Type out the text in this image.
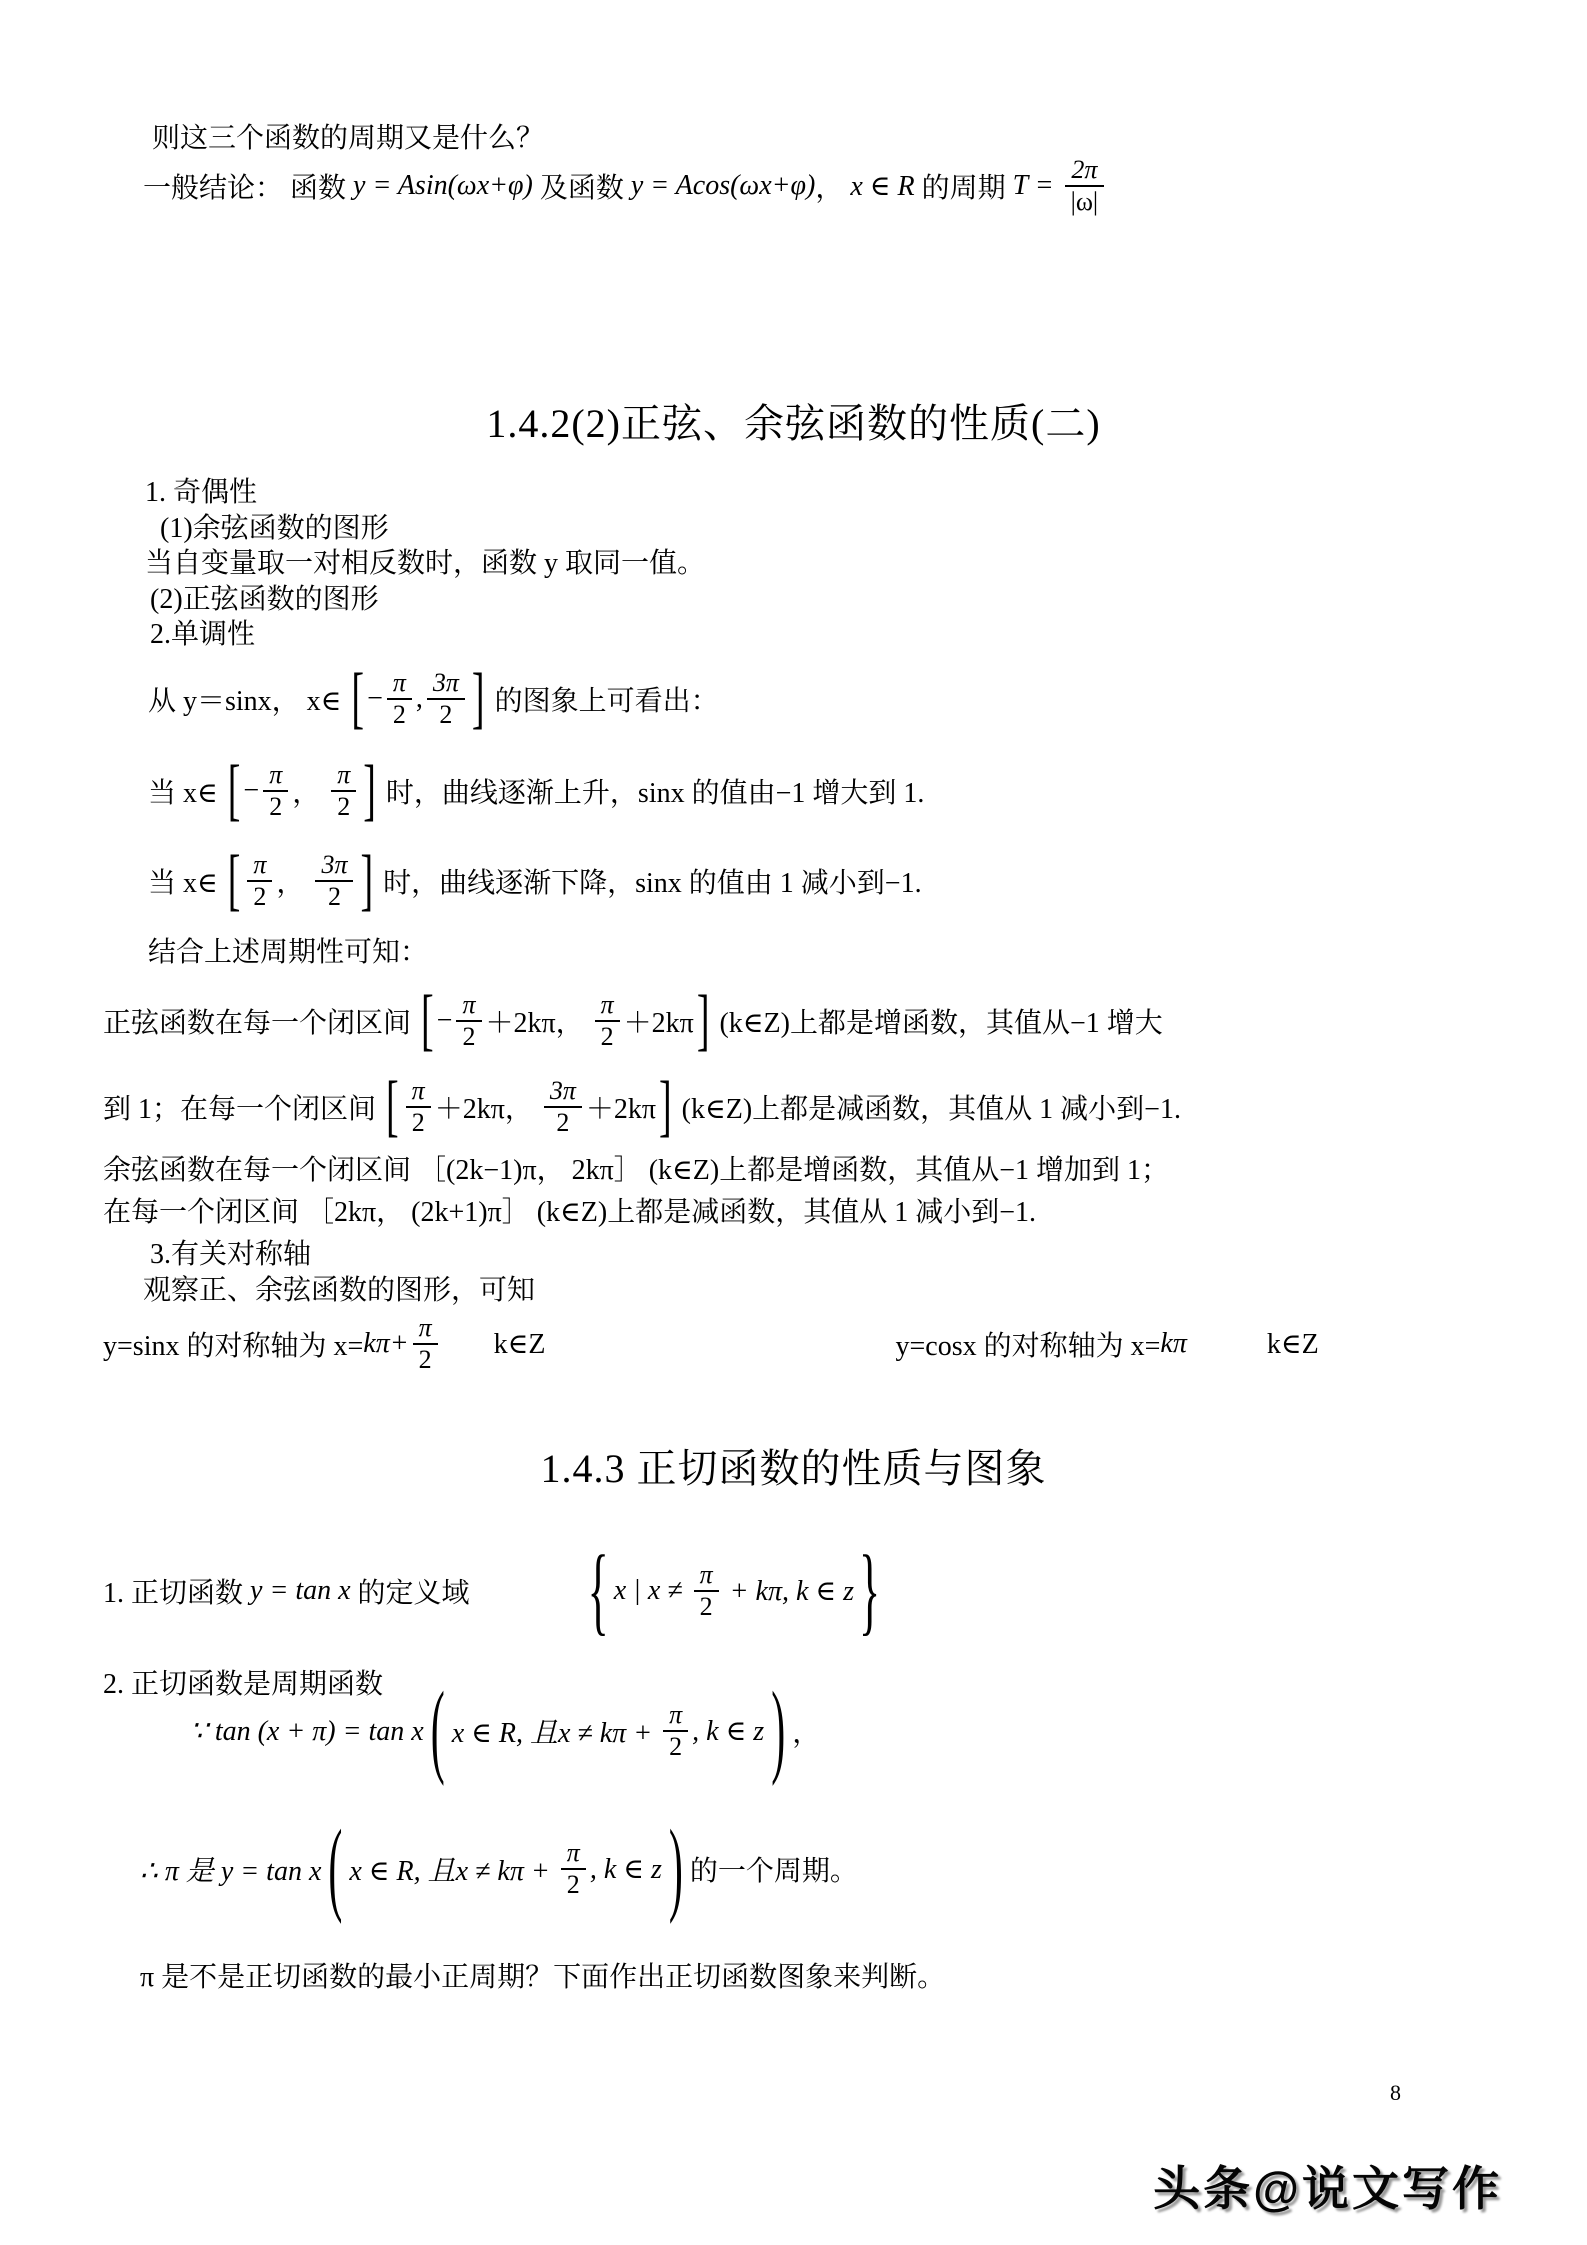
则这三个函数的周期又是什么？
一般结论： 函数 y = Asin(ωx+φ) 及函数 y = Acos(ωx+φ) ， x ∈ R 的周期 $T = \frac{2\pi}{|\omega|}$
1.4.2(2)正弦、余弦函数的性质(二)
1. 奇偶性
(1)余弦函数的图形
当自变量取一对相反数时，函数 y 取同一值。
(2)正弦函数的图形
2.单调性
从 y＝sinx， x∈ [ − $\frac{\pi}{2}$ , $\frac{3\pi}{2}$ ] 的图象上可看出：
当 x∈ [ − $\frac{\pi}{2}$ ， $\frac{\pi}{2}$ ] 时，曲线逐渐上升，sinx 的值由−1 增大到 1.
当 x∈ [ $\frac{\pi}{2}$ ， $\frac{3\pi}{2}$ ] 时，曲线逐渐下降，sinx 的值由 1 减小到−1.
结合上述周期性可知：
正弦函数在每一个闭区间 [ − $\frac{\pi}{2} +2k\pi$， $\frac{\pi}{2} +2k\pi$ ] (k∈Z)上都是增函数，其值从−1 增大
到 1；在每一个闭区间 [ $\frac{\pi}{2} +2k\pi$， $\frac{3\pi}{2} +2k\pi$ ] (k∈Z)上都是减函数，其值从 1 减小到−1.
余弦函数在每一个闭区间 ［(2k−1)π， 2kπ］ (k∈Z)上都是增函数，其值从−1 增加到 1；
在每一个闭区间 ［2kπ， (2k+1)π］ (k∈Z)上都是减函数，其值从 1 减小到−1.
3.有关对称轴
观察正、余弦函数的图形，可知
y=sinx 的对称轴为 $x= k\pi+ \frac{\pi}{2}$ k∈Z	y=cosx 的对称轴为 x= kπ	k∈Z
1.4.3 正切函数的性质与图象
1. 正切函数 y = tan x 的定义域	{ x | $x \ne \frac{\pi}{2} + k\pi$, k ∈ z }
2. 正切函数是周期函数
∵ tan (x + π) = tan x ( x ∈ R, 且$x \ne k\pi + \frac{\pi}{2}$ , k ∈ z ) ，
∴ π 是 y = tan x ( x ∈ R, 且$x \ne k\pi + \frac{\pi}{2}$ , k ∈ z ) 的一个周期。
π 是不是正切函数的最小正周期？下面作出正切函数图象来判断。
8
头条@说文写作
